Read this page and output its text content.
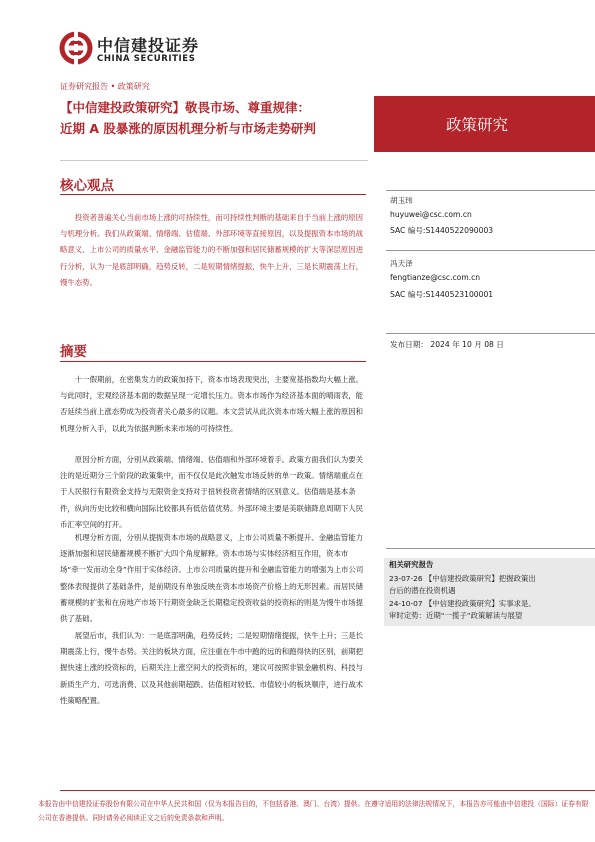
中信建投证券
CHINA SECURITIES
证券研究报告 • 政策研究
【中信建投政策研究】敬畏市场、尊重规律：
近期 A 股暴涨的原因机理分析与市场走势研判	政策研究
核心观点
投资者普遍关心当前市场上涨的可持续性，而可持续性判断的基础来自于当前上涨的原因与机理分析。我们从政策端、情绪端、估值端、外部环境等直接原因，以及提振资本市场的战略意义、上市公司的质量水平、金融监管能力的不断加强和居民储蓄规模的扩大等深层原因进行分析，认为一是底部明确，趋势反转，二是短期情绪提振，快牛上升，三是长期震荡上行，慢牛态势。
摘要

十一假期前，在密集发力的政策加持下，资本市场表现突出，主要宽基指数均大幅上涨。与此同时，宏观经济基本面的数据呈现一定增长压力。资本市场作为经济基本面的晴雨表，能否延续当前上涨态势成为投资者关心最多的议题。本文尝试从此次资本市场大幅上涨的原因和机理分析入手，以此为依据判断未来市场的可持续性。

原因分析方面，分别从政策端、情绪端、估值端和外部环境着手。政策方面我们认为要关注的是近期分三个阶段的政策集中，而不仅仅是此次触发市场反转的单一政策。情绪端重点在于人民银行有限资金支持与无限资金支持对于扭转投资者情绪的区别意义。估值端是基本条件，纵向历史比较和横向国际比较都具有低估值优势。外部环境主要是美联储降息周期下人民币汇率空间的打开。

机理分析方面，分别从提振资本市场的战略意义，上市公司质量不断提升、金融监管能力逐渐加强和居民储蓄规模不断扩大四个角度解释。资本市场与实体经济相互作用，资本市场“牵一发而动全身”作用于实体经济。上市公司质量的提升和金融监管能力的增强为上市公司整体表现提供了基础条件，是前期没有单独反映在资本市场资产价格上的无形因素。而居民储蓄规模的扩张和在房地产市场下行期资金缺乏长期稳定投资收益的投资标的则是为慢牛市场提供了基础。

展望后市，我们认为：一是底部明确，趋势反转；二是短期情绪提振，快牛上升；三是长期震荡上行，慢牛态势。关注的板块方面，应注重在牛市中跑的远的和跑得快的区别，前期把握快速上涨的投资标的，后期关注上涨空间大的投资标的，建议可按照非银金融机构、科技与新质生产力、可选消费、以及其他前期超跌、估值相对较低、市值较小的板块顺序，进行战术性策略配置。

胡玉玮
huyuwei@csc.com.cn
SAC 编号:S1440522090003
冯天泽
fengtianze@csc.com.cn
SAC 编号:S1440523100001
发布日期： 2024 年 10 月 08 日
相关研究报告
23-07-26 【中信建投政策研究】把握政策出
台后的潜在投资机遇
24-10-07 【中信建投政策研究】实事求是、
审时定势：近期“一揽子”政策解读与展望
本报告由中信建投证券股份有限公司在中华人民共和国（仅为本报告目的，不包括香港、澳门、台湾）提供。在遵守适用的法律法规情况下，本报告亦可能由中信建投（国际）证券有限公司在香港提供。同时请务必阅读正文之后的免责条款和声明。
